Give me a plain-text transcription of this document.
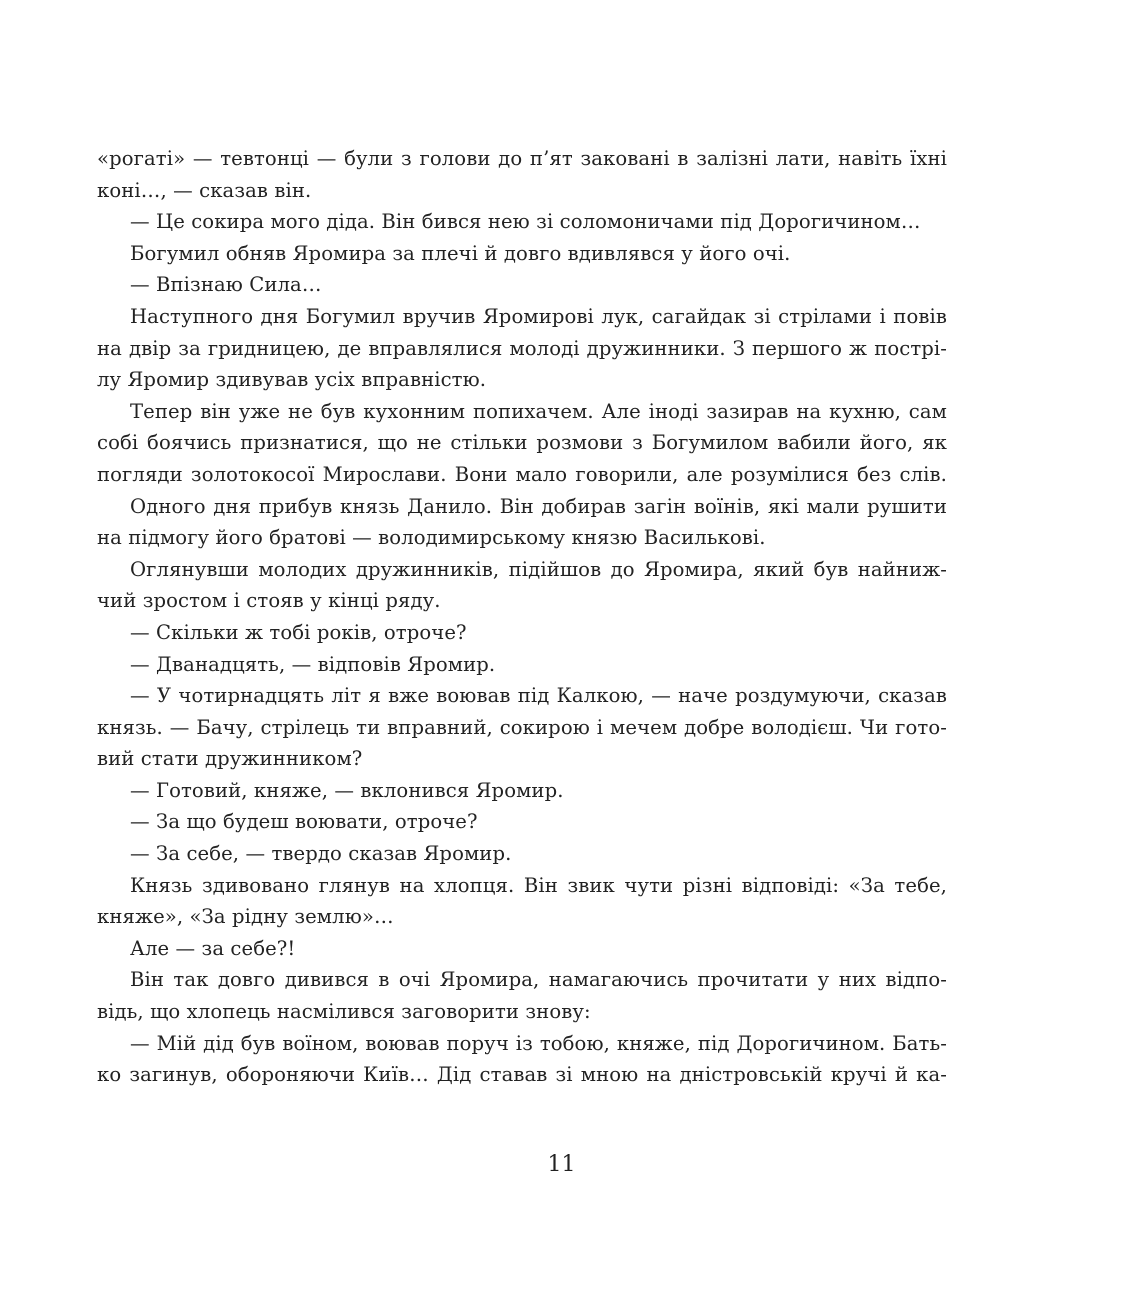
«рогаті» — тевтонці — були з голови до п’ят заковані в залізні лати, навіть їхні
коні…, — сказав він.
— Це сокира мого діда. Він бився нею зі соломоничами під Дорогичином…
Богумил обняв Яромира за плечі й довго вдивлявся у його очі.
— Впізнаю Сила…
Наступного дня Богумил вручив Яромирові лук, сагайдак зі стрілами і повів
на двір за гридницею, де вправлялися молоді дружинники. З першого ж пострі-
лу Яромир здивував усіх вправністю.
Тепер він уже не був кухонним попихачем. Але іноді зазирав на кухню, сам
собі боячись признатися, що не стільки розмови з Богумилом вабили його, як
погляди золотокосої Мирослави. Вони мало говорили, але розумілися без слів.
Одного дня прибув князь Данило. Він добирав загін воїнів, які мали рушити
на підмогу його братові — володимирському князю Василькові.
Оглянувши молодих дружинників, підійшов до Яромира, який був найниж-
чий зростом і стояв у кінці ряду.
— Скільки ж тобі років, отроче?
— Дванадцять, — відповів Яромир.
— У чотирнадцять літ я вже воював під Калкою, — наче роздумуючи, сказав
князь. — Бачу, стрілець ти вправний, сокирою і мечем добре володієш. Чи гото-
вий стати дружинником?
— Готовий, княже, — вклонився Яромир.
— За що будеш воювати, отроче?
— За себе, — твердо сказав Яромир.
Князь здивовано глянув на хлопця. Він звик чути різні відповіді: «За тебе,
княже», «За рідну землю»…
Але — за себе?!
Він так довго дивився в очі Яромира, намагаючись прочитати у них відпо-
відь, що хлопець насмілився заговорити знову:
— Мій дід був воїном, воював поруч із тобою, княже, під Дорогичином. Бать-
ко загинув, обороняючи Київ… Дід ставав зі мною на дністровській кручі й ка-
11
